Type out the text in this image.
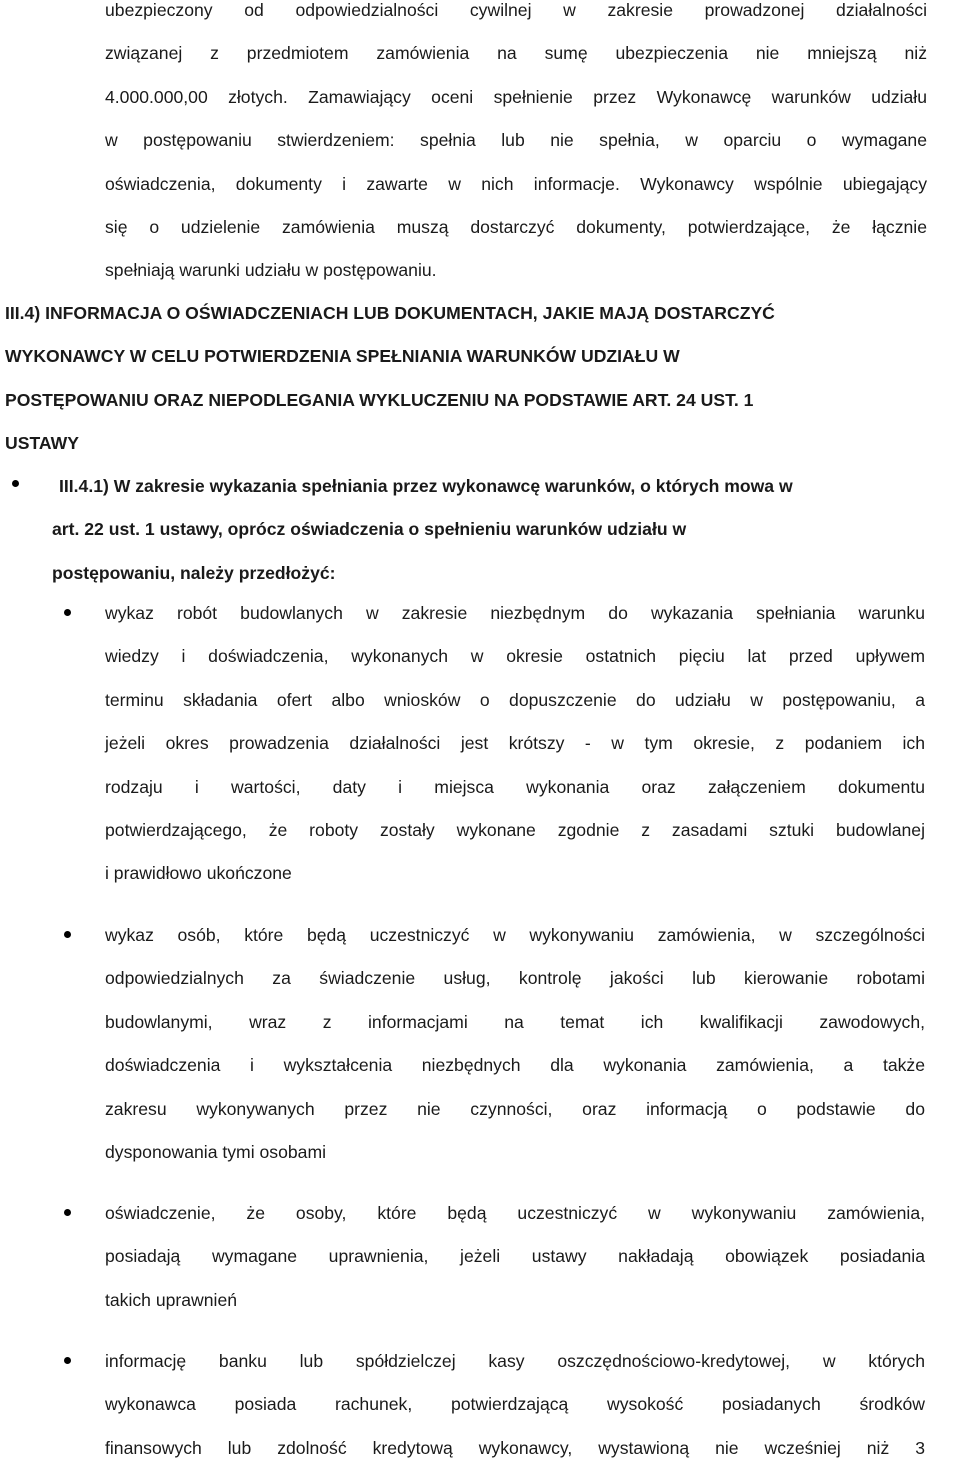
ubezpieczony od odpowiedzialności cywilnej w zakresie prowadzonej działalności
związanej z przedmiotem zamówienia na sumę ubezpieczenia nie mniejszą niż
4.000.000,00 złotych. Zamawiający oceni spełnienie przez Wykonawcę warunków udziału
w postępowaniu stwierdzeniem: spełnia lub nie spełnia, w oparciu o wymagane
oświadczenia, dokumenty i zawarte w nich informacje. Wykonawcy wspólnie ubiegający
się o udzielenie zamówienia muszą dostarczyć dokumenty, potwierdzające, że łącznie
spełniają warunki udziału w postępowaniu.
III.4) INFORMACJA O OŚWIADCZENIACH LUB DOKUMENTACH, JAKIE MAJĄ DOSTARCZYĆ
WYKONAWCY W CELU POTWIERDZENIA SPEŁNIANIA WARUNKÓW UDZIAŁU W
POSTĘPOWANIU ORAZ NIEPODLEGANIA WYKLUCZENIU NA PODSTAWIE ART. 24 UST. 1
USTAWY
III.4.1) W zakresie wykazania spełniania przez wykonawcę warunków, o których mowa w
art. 22 ust. 1 ustawy, oprócz oświadczenia o spełnieniu warunków udziału w
postępowaniu, należy przedłożyć:
wykaz robót budowlanych w zakresie niezbędnym do wykazania spełniania warunku
wiedzy i doświadczenia, wykonanych w okresie ostatnich pięciu lat przed upływem
terminu składania ofert albo wniosków o dopuszczenie do udziału w postępowaniu, a
jeżeli okres prowadzenia działalności jest krótszy - w tym okresie, z podaniem ich
rodzaju i wartości, daty i miejsca wykonania oraz załączeniem dokumentu
potwierdzającego, że roboty zostały wykonane zgodnie z zasadami sztuki budowlanej
i prawidłowo ukończone
wykaz osób, które będą uczestniczyć w wykonywaniu zamówienia, w szczególności
odpowiedzialnych za świadczenie usług, kontrolę jakości lub kierowanie robotami
budowlanymi, wraz z informacjami na temat ich kwalifikacji zawodowych,
doświadczenia i wykształcenia niezbędnych dla wykonania zamówienia, a także
zakresu wykonywanych przez nie czynności, oraz informacją o podstawie do
dysponowania tymi osobami
oświadczenie, że osoby, które będą uczestniczyć w wykonywaniu zamówienia,
posiadają wymagane uprawnienia, jeżeli ustawy nakładają obowiązek posiadania
takich uprawnień
informację banku lub spółdzielczej kasy oszczędnościowo-kredytowej, w których
wykonawca posiada rachunek, potwierdzającą wysokość posiadanych środków
finansowych lub zdolność kredytową wykonawcy, wystawioną nie wcześniej niż 3
